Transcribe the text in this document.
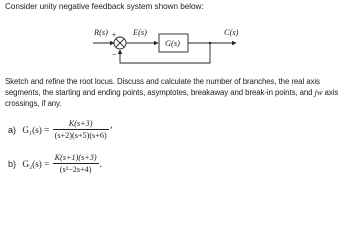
Consider unity negative feedback system shown below:
R(s) +
−
E(s)
G(s)
C(s)
Sketch and refine the root locus. Discuss and calculate the number of branches, the real axis segments, the starting and ending points, asymptotes, breakaway and break-in points, and jw axis crossings, if any.
a) $G_1(s) = \frac{K(s+3)}{(s+2)(s+5)(s+6)}$ ’
b) $G_2(s) = \frac{K(s+1)(s+3)}{\text{(s²−2s+4)}}$ .
